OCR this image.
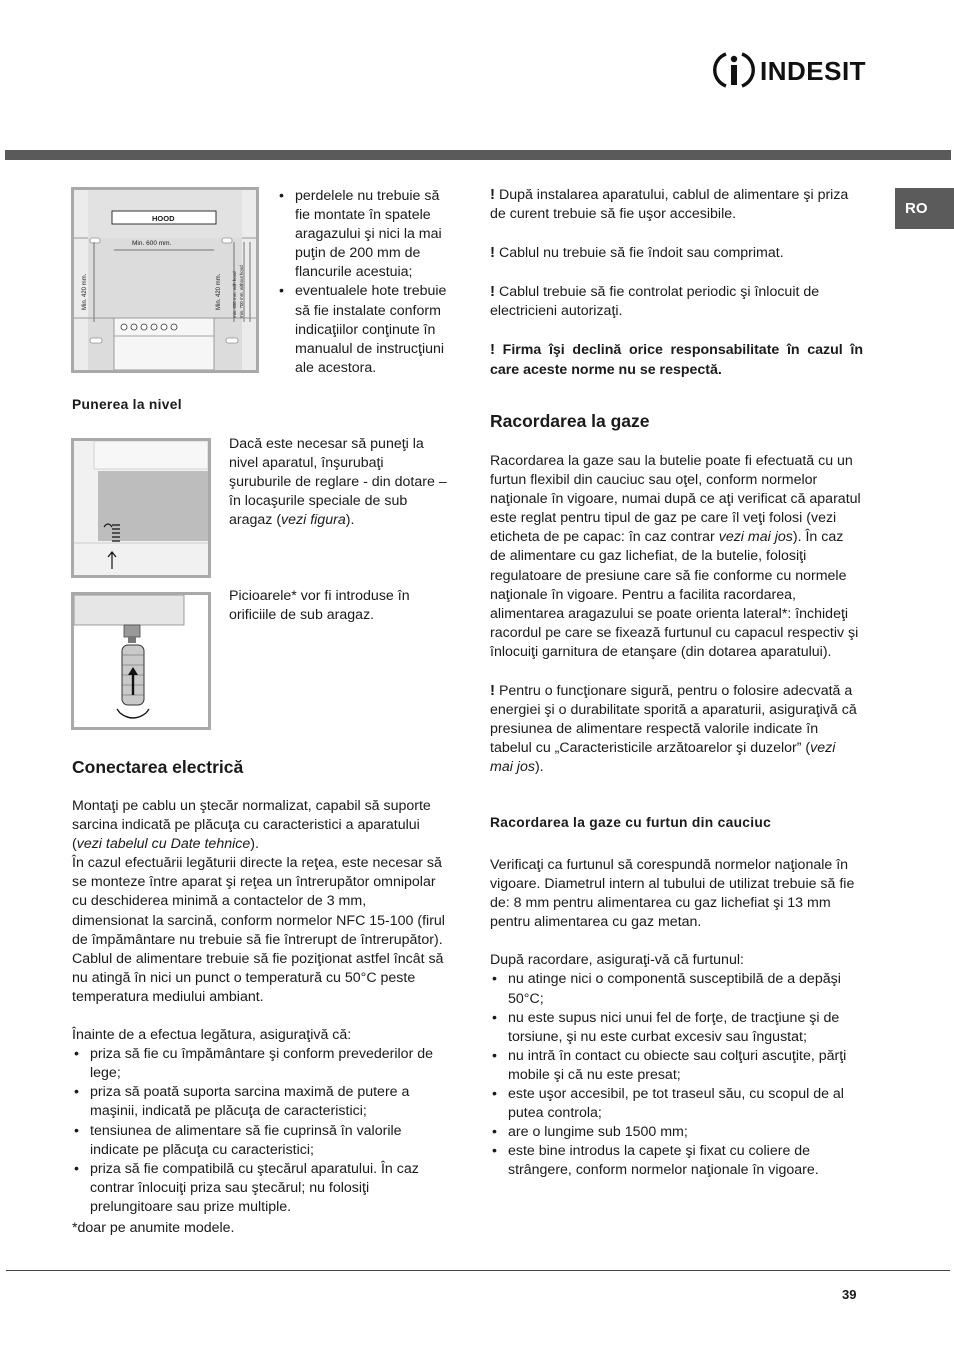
INDESIT
RO
HOOD
Min. 600 mm.
Min. 420 mm.	Min. 420 mm. min. 650 mm. with hood min. 700 mm. without hood
• perdelele nu trebuie să fie montate în spatele aragazului şi nici la mai puţin de 200 mm de flancurile acestuia;
• eventualele hote trebuie să fie instalate conform indicaţiilor conţinute în manualul de instrucţiuni ale acestora.
Punerea la nivel
Dacă este necesar să puneţi la nivel aparatul, înşurubaţi şuruburile de reglare - din dotare – în locaşurile speciale de sub aragaz (vezi figura).
Picioarele* vor fi introduse în orificiile de sub aragaz.
Conectarea electrică

Montaţi pe cablu un ştecăr normalizat, capabil să suporte sarcina indicată pe plăcuţa cu caracteristici a aparatului (vezi tabelul cu Date tehnice).

În cazul efectuării legăturii directe la reţea, este necesar să se monteze între aparat şi reţea un întrerupător omnipolar cu deschiderea minimă a contactelor de 3 mm, dimensionat la sarcină, conform normelor NFC 15-100 (firul de împământare nu trebuie să fie întrerupt de întrerupător). Cablul de alimentare trebuie să fie poziţionat astfel încât să nu atingă în nici un punct o temperatură cu 50°C peste temperatura mediului ambiant.

Înainte de a efectua legătura, asiguraţivă că:

• priza să fie cu împământare şi conform prevederilor de lege;
• priza să poată suporta sarcina maximă de putere a maşinii, indicată pe plăcuţa de caracteristici;
• tensiunea de alimentare să fie cuprinsă în valorile indicate pe plăcuţa cu caracteristici;
• priza să fie compatibilă cu ştecărul aparatului. În caz contrar înlocuiţi priza sau ştecărul; nu folosiţi prelungitoare sau prize multiple.

*doar pe anumite modele.

! După instalarea aparatului, cablul de alimentare şi priza de curent trebuie să fie uşor accesibile.

! Cablul nu trebuie să fie îndoit sau comprimat.

! Cablul trebuie să fie controlat periodic şi înlocuit de electricieni autorizaţi.

! Firma îşi declină orice responsabilitate în cazul în care aceste norme nu se respectă.

Racordarea la gaze

Racordarea la gaze sau la butelie poate fi efectuată cu un furtun flexibil din cauciuc sau oţel, conform normelor naţionale în vigoare, numai după ce aţi verificat că aparatul este reglat pentru tipul de gaz pe care îl veţi folosi (vezi eticheta de pe capac: în caz contrar vezi mai jos). În caz de alimentare cu gaz lichefiat, de la butelie, folosiţi regulatoare de presiune care să fie conforme cu normele naţionale în vigoare. Pentru a facilita racordarea, alimentarea aragazului se poate orienta lateral*: închideţi racordul pe care se fixează furtunul cu capacul respectiv şi înlocuiţi garnitura de etanşare (din dotarea aparatului).

! Pentru o funcţionare sigură, pentru o folosire adecvată a energiei şi o durabilitate sporită a aparaturii, asiguraţivă că presiunea de alimentare respectă valorile indicate în tabelul cu „Caracteristicile arzătoarelor şi duzelor” (vezi mai jos).

Racordarea la gaze cu furtun din cauciuc

Verificaţi ca furtunul să corespundă normelor naţionale în vigoare. Diametrul intern al tubului de utilizat trebuie să fie de: 8 mm pentru alimentarea cu gaz lichefiat şi 13 mm pentru alimentarea cu gaz metan.

După racordare, asiguraţi-vă că furtunul:

• nu atinge nici o componentă susceptibilă de a depăşi 50°C;
• nu este supus nici unui fel de forţe, de tracţiune şi de torsiune, şi nu este curbat excesiv sau îngustat;
• nu intră în contact cu obiecte sau colţuri ascuţite, părţi mobile şi că nu este presat;
• este uşor accesibil, pe tot traseul său, cu scopul de al putea controla;
• are o lungime sub 1500 mm;
• este bine introdus la capete şi fixat cu coliere de strângere, conform normelor naţionale în vigoare.
39
